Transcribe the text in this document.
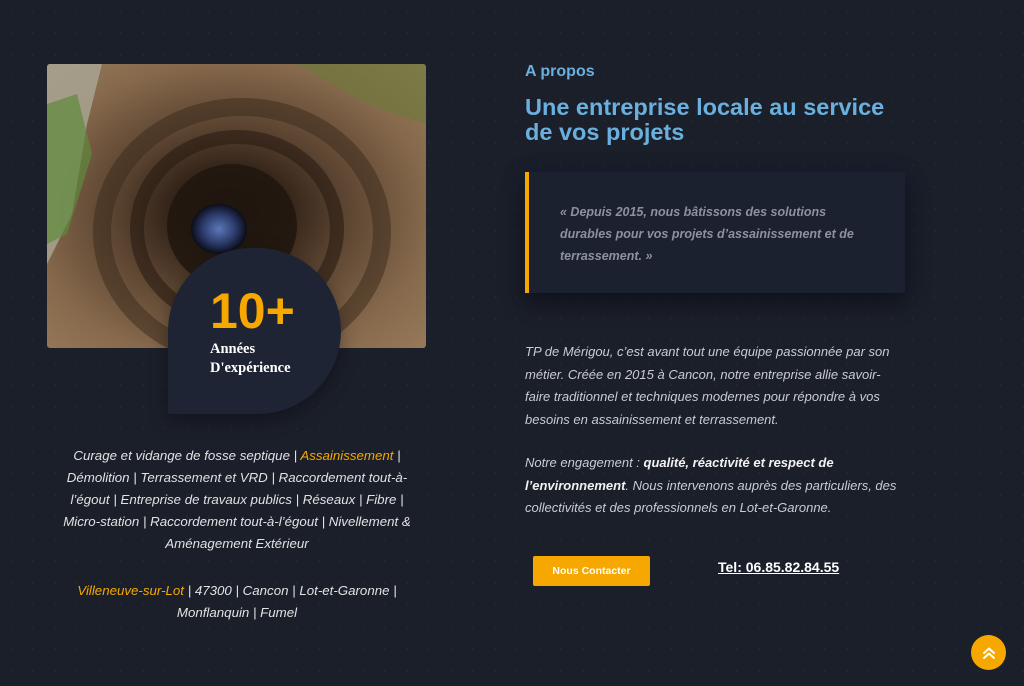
10+
Années
D'expérience
Curage et vidange de fosse septique | Assainissement | Démolition | Terrassement et VRD | Raccordement tout-à-l’égout | Entreprise de travaux publics | Réseaux | Fibre | Micro-station | Raccordement tout-à-l’égout | Nivellement & Aménagement Extérieur
Villeneuve-sur-Lot | 47300 | Cancon | Lot-et-Garonne | Monflanquin | Fumel
A propos
Une entreprise locale au service de vos projets
« Depuis 2015, nous bâtissons des solutions durables pour vos projets d’assainissement et de terrassement. »

TP de Mérigou, c’est avant tout une équipe passionnée par son métier. Créée en 2015 à Cancon, notre entreprise allie savoir-faire traditionnel et techniques modernes pour répondre à vos besoins en assainissement et terrassement.

Notre engagement : qualité, réactivité et respect de l’environnement. Nous intervenons auprès des particuliers, des collectivités et des professionnels en Lot-et-Garonne.

Nous Contacter	Tel: 06.85.82.84.55
